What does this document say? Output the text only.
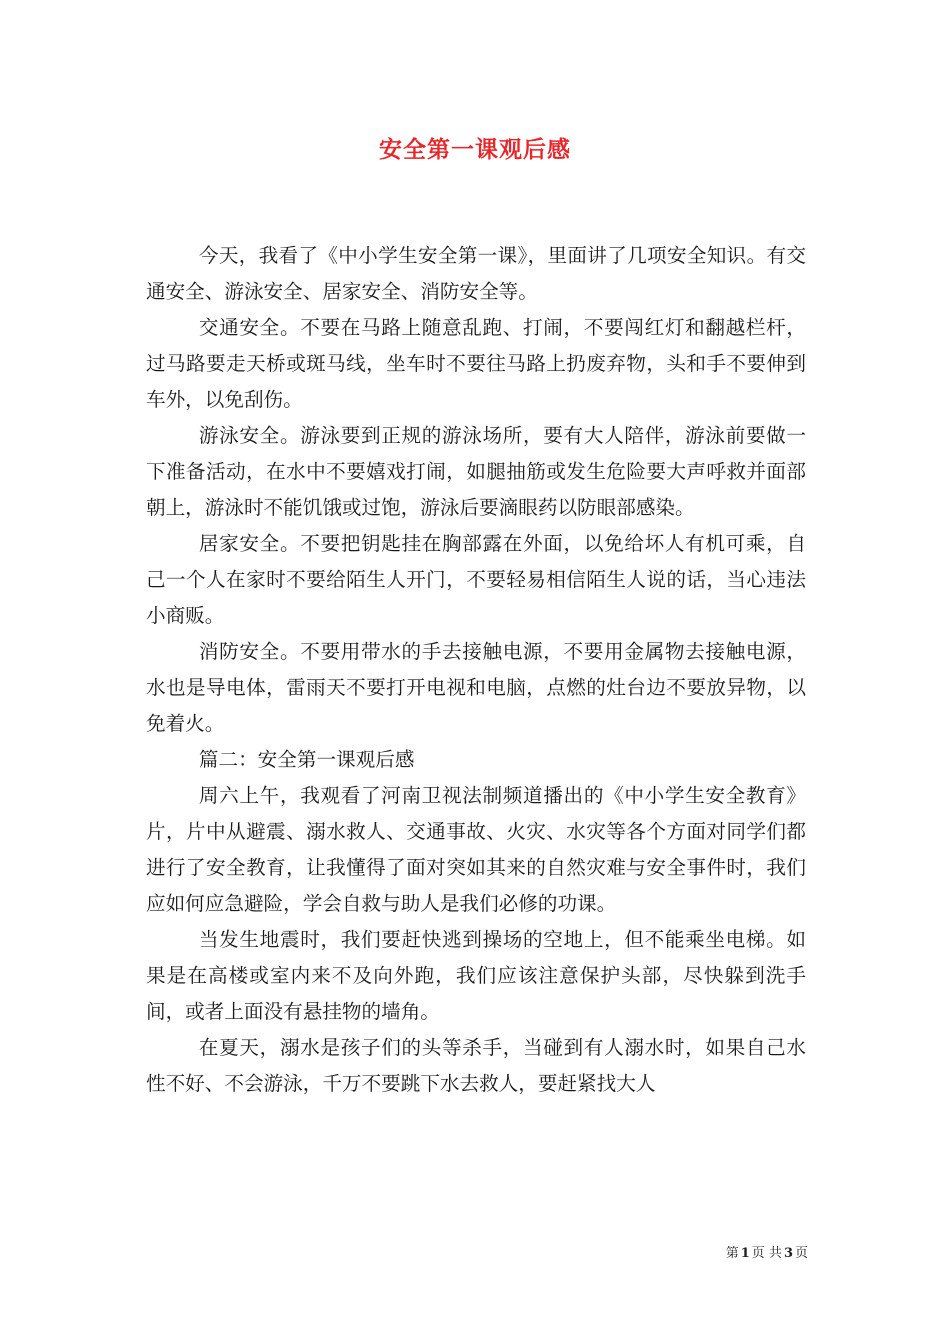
安全第一课观后感

今天，我看了《中小学生安全第一课》，里面讲了几项安全知识。有交通安全、游泳安全、居家安全、消防安全等。

交通安全。不要在马路上随意乱跑、打闹，不要闯红灯和翻越栏杆，过马路要走天桥或斑马线，坐车时不要往马路上扔废弃物，头和手不要伸到车外，以免刮伤。

游泳安全。游泳要到正规的游泳场所，要有大人陪伴，游泳前要做一下准备活动，在水中不要嬉戏打闹，如腿抽筋或发生危险要大声呼救并面部朝上，游泳时不能饥饿或过饱，游泳后要滴眼药以防眼部感染。

居家安全。不要把钥匙挂在胸部露在外面，以免给坏人有机可乘，自己一个人在家时不要给陌生人开门，不要轻易相信陌生人说的话，当心违法小商贩。

消防安全。不要用带水的手去接触电源，不要用金属物去接触电源，水也是导电体，雷雨天不要打开电视和电脑，点燃的灶台边不要放异物，以免着火。

篇二：安全第一课观后感

周六上午，我观看了河南卫视法制频道播出的《中小学生安全教育》片，片中从避震、溺水救人、交通事故、火灾、水灾等各个方面对同学们都进行了安全教育，让我懂得了面对突如其来的自然灾难与安全事件时，我们应如何应急避险，学会自救与助人是我们必修的功课。

当发生地震时，我们要赶快逃到操场的空地上，但不能乘坐电梯。如果是在高楼或室内来不及向外跑，我们应该注意保护头部，尽快躲到洗手间，或者上面没有悬挂物的墙角。

在夏天，溺水是孩子们的头等杀手，当碰到有人溺水时，如果自己水性不好、不会游泳，千万不要跳下水去救人，要赶紧找大人

第 1 页 共 3 页
